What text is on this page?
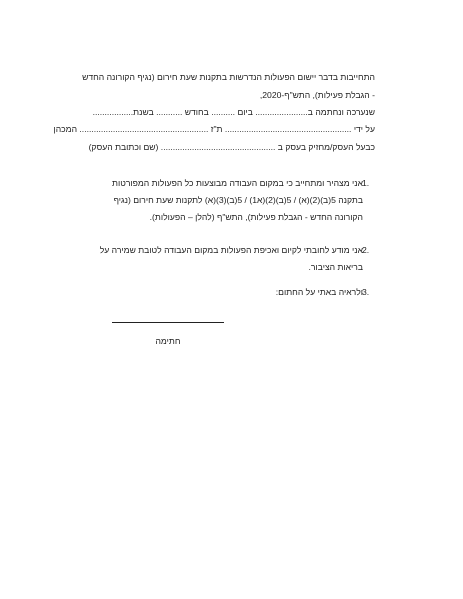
התחייבות בדבר יישום הפעולות הנדרשות בתקנות שעת חירום (נגיף הקורונה החדש
- הגבלת פעילות), התש"ף-2020,
שנערכה ונחתמה ב...................... ביום .......... בחודש ........... בשנת.................
על ידי ..................................................... ת"ז ...................................................... המכהן
כבעל העסק/מחזיק בעסק ב ................................................ (שם וכתובת העסק)
1.
אני מצהיר ומתחייב כי במקום העבודה מבוצעות כל הפעולות המפורטות
בתקנה 5(ב)(2)(א) / 5(ב)(2)(א1) / 5(ב)(3)(א) לתקנות שעת חירום (נגיף
הקורונה החדש - הגבלת פעילות), התש"ף (להלן – הפעולות).
2.
אני מודע לחובתי לקיום ואכיפת הפעולות במקום העבודה לטובת שמירה על
בריאות הציבור.
3.
ולראיה באתי על החתום:
חתימה
